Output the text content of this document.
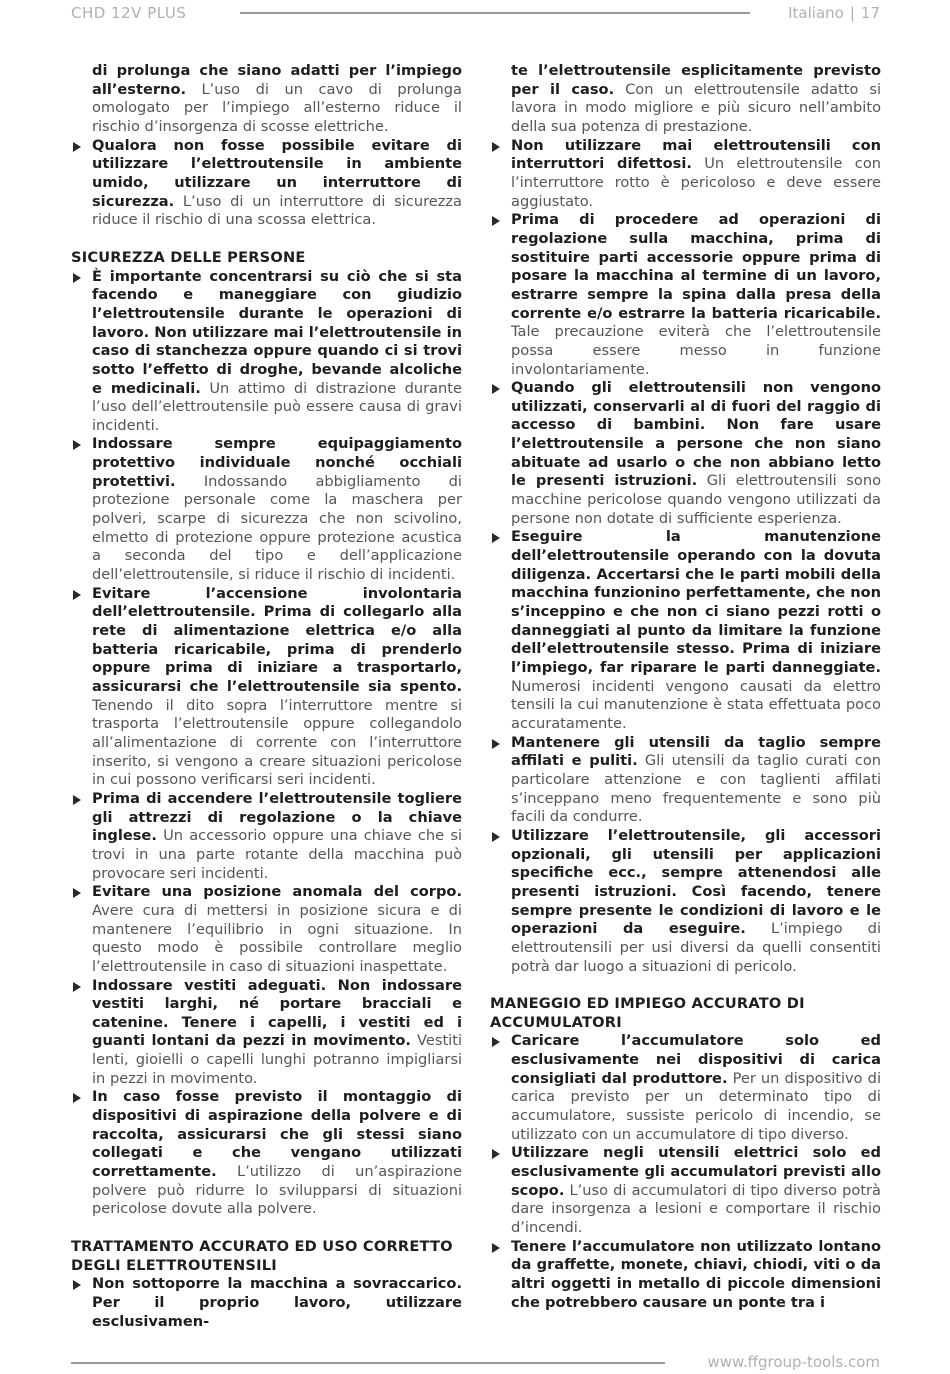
CHD 12V PLUS	Italiano | 17
di prolunga che siano adatti per l’impiego all’esterno. L’uso di un cavo di prolunga omologato per l’impiego all’esterno riduce il rischio d’insorgenza di scosse elettriche.
Qualora non fosse possibile evitare di utilizzare l’elettroutensile in ambiente umido, utilizzare un interruttore di sicurezza. L’uso di un interruttore di sicurezza riduce il rischio di una scossa elettrica.
SICUREZZA DELLE PERSONE
È importante concentrarsi su ciò che si sta facendo e maneggiare con giudizio l’elettroutensile durante le operazioni di lavoro. Non utilizzare mai l’elettroutensile in caso di stanchezza oppure quando ci si trovi sotto l’effetto di droghe, bevande alcoliche e medicinali. Un attimo di distrazione durante l’uso dell’elettroutensile può essere causa di gravi incidenti.
Indossare sempre equipaggiamento protettivo individuale nonché occhiali protettivi. Indossando abbigliamento di protezione personale come la maschera per polveri, scarpe di sicurezza che non scivolino, elmetto di protezione oppure protezione acustica a seconda del tipo e dell’applicazione dell’elettroutensile, si riduce il rischio di incidenti.
Evitare l’accensione involontaria dell’elettroutensile. Prima di collegarlo alla rete di alimentazione elettrica e/o alla batteria ricaricabile, prima di prenderlo oppure prima di iniziare a trasportarlo, assicurarsi che l’elettroutensile sia spento. Tenendo il dito sopra l’interruttore mentre si trasporta l’elettroutensile oppure collegandolo all’alimentazione di corrente con l’interruttore inserito, si vengono a creare situazioni pericolose in cui possono verificarsi seri incidenti.
Prima di accendere l’elettroutensile togliere gli attrezzi di regolazione o la chiave inglese. Un accessorio oppure una chiave che si trovi in una parte rotante della macchina può provocare seri incidenti.
Evitare una posizione anomala del corpo. Avere cura di mettersi in posizione sicura e di mantenere l’equilibrio in ogni situazione. In questo modo è possibile controllare meglio l’elettroutensile in caso di situazioni inaspettate.
Indossare vestiti adeguati. Non indossare vestiti larghi, né portare bracciali e catenine. Tenere i capelli, i vestiti ed i guanti lontani da pezzi in movimento. Vestiti lenti, gioielli o capelli lunghi potranno impigliarsi in pezzi in movimento.
In caso fosse previsto il montaggio di dispositivi di aspirazione della polvere e di raccolta, assicurarsi che gli stessi siano collegati e che vengano utilizzati correttamente. L’utilizzo di un’aspirazione polvere può ridurre lo svilupparsi di situazioni pericolose dovute alla polvere.
TRATTAMENTO ACCURATO ED USO CORRETTO DEGLI ELETTROUTENSILI
Non sottoporre la macchina a sovraccarico. Per il proprio lavoro, utilizzare esclusivamen-
te l’elettroutensile esplicitamente previsto per il caso. Con un elettroutensile adatto si lavora in modo migliore e più sicuro nell’ambito della sua potenza di prestazione.
Non utilizzare mai elettroutensili con interruttori difettosi. Un elettroutensile con l’interruttore rotto è pericoloso e deve essere aggiustato.
Prima di procedere ad operazioni di regolazione sulla macchina, prima di sostituire parti accessorie oppure prima di posare la macchina al termine di un lavoro, estrarre sempre la spina dalla presa della corrente e/o estrarre la batteria ricaricabile. Tale precauzione eviterà che l’elettroutensile possa essere messo in funzione involontariamente.
Quando gli elettroutensili non vengono utilizzati, conservarli al di fuori del raggio di accesso di bambini. Non fare usare l’elettroutensile a persone che non siano abituate ad usarlo o che non abbiano letto le presenti istruzioni. Gli elettroutensili sono macchine pericolose quando vengono utilizzati da persone non dotate di sufficiente esperienza.
Eseguire la manutenzione dell’elettroutensile operando con la dovuta diligenza. Accertarsi che le parti mobili della macchina funzionino perfettamente, che non s’inceppino e che non ci siano pezzi rotti o danneggiati al punto da limitare la funzione dell’elettroutensile stesso. Prima di iniziare l’impiego, far riparare le parti danneggiate. Numerosi incidenti vengono causati da elettro tensili la cui manutenzione è stata effettuata poco accuratamente.
Mantenere gli utensili da taglio sempre affilati e puliti. Gli utensili da taglio curati con particolare attenzione e con taglienti affilati s’inceppano meno frequentemente e sono più facili da condurre.
Utilizzare l’elettroutensile, gli accessori opzionali, gli utensili per applicazioni specifiche ecc., sempre attenendosi alle presenti istruzioni. Così facendo, tenere sempre presente le condizioni di lavoro e le operazioni da eseguire. L’impiego di elettroutensili per usi diversi da quelli consentiti potrà dar luogo a situazioni di pericolo.
MANEGGIO ED IMPIEGO ACCURATO DI ACCUMULATORI
Caricare l’accumulatore solo ed esclusivamente nei dispositivi di carica consigliati dal produttore. Per un dispositivo di carica previsto per un determinato tipo di accumulatore, sussiste pericolo di incendio, se utilizzato con un accumulatore di tipo diverso.
Utilizzare negli utensili elettrici solo ed esclusivamente gli accumulatori previsti allo scopo. L’uso di accumulatori di tipo diverso potrà dare insorgenza a lesioni e comportare il rischio d’incendi.
Tenere l’accumulatore non utilizzato lontano da graffette, monete, chiavi, chiodi, viti o da altri oggetti in metallo di piccole dimensioni che potrebbero causare un ponte tra i
www.ffgroup-tools.com
